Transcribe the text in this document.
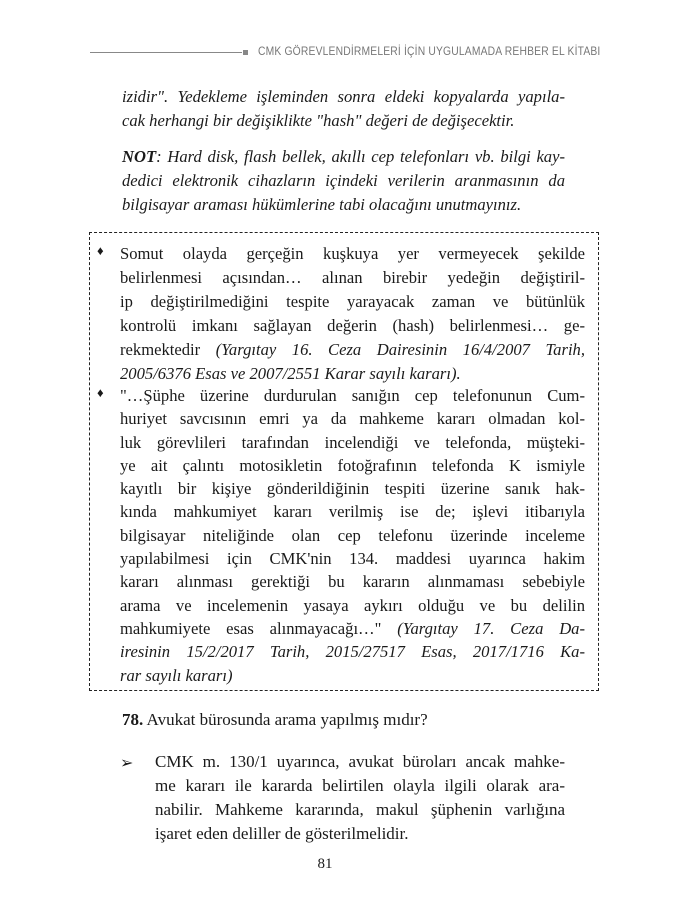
CMK GÖREVLENDİRMELERİ İÇİN UYGULAMADA REHBER EL KİTABI
izidir". Yedekleme işleminden sonra eldeki kopyalarda yapıla-
cak herhangi bir değişiklikte "hash" değeri de değişecektir.
NOT: Hard disk, flash bellek, akıllı cep telefonları vb. bilgi kay-
dedici elektronik cihazların içindeki verilerin aranmasının da
bilgisayar araması hükümlerine tabi olacağını unutmayınız.
♦ Somut olayda gerçeğin kuşkuya yer vermeyecek şekilde
belirlenmesi açısından… alınan birebir yedeğin değiştiril-
ip değiştirilmediğini tespite yarayacak zaman ve bütünlük
kontrolü imkanı sağlayan değerin (hash) belirlenmesi… ge-
rekmektedir (Yargıtay 16. Ceza Dairesinin 16/4/2007 Tarih,
2005/6376 Esas ve 2007/2551 Karar sayılı kararı).
♦ "…Şüphe üzerine durdurulan sanığın cep telefonunun Cum-
huriyet savcısının emri ya da mahkeme kararı olmadan kol-
luk görevlileri tarafından incelendiği ve telefonda, müşteki-
ye ait çalıntı motosikletin fotoğrafının telefonda K ismiyle
kayıtlı bir kişiye gönderildiğinin tespiti üzerine sanık hak-
kında mahkumiyet kararı verilmiş ise de; işlevi itibarıyla
bilgisayar niteliğinde olan cep telefonu üzerinde inceleme
yapılabilmesi için CMK'nin 134. maddesi uyarınca hakim
kararı alınması gerektiği bu kararın alınmaması sebebiyle
arama ve incelemenin yasaya aykırı olduğu ve bu delilin
mahkumiyete esas alınmayacağı…" (Yargıtay 17. Ceza Da-
iresinin 15/2/2017 Tarih, 2015/27517 Esas, 2017/1716 Ka-
rar sayılı kararı)
78. Avukat bürosunda arama yapılmış mıdır?
➢ CMK m. 130/1 uyarınca, avukat büroları ancak mahke-
me kararı ile kararda belirtilen olayla ilgili olarak ara-
nabilir. Mahkeme kararında, makul şüphenin varlığına
işaret eden deliller de gösterilmelidir.
81
